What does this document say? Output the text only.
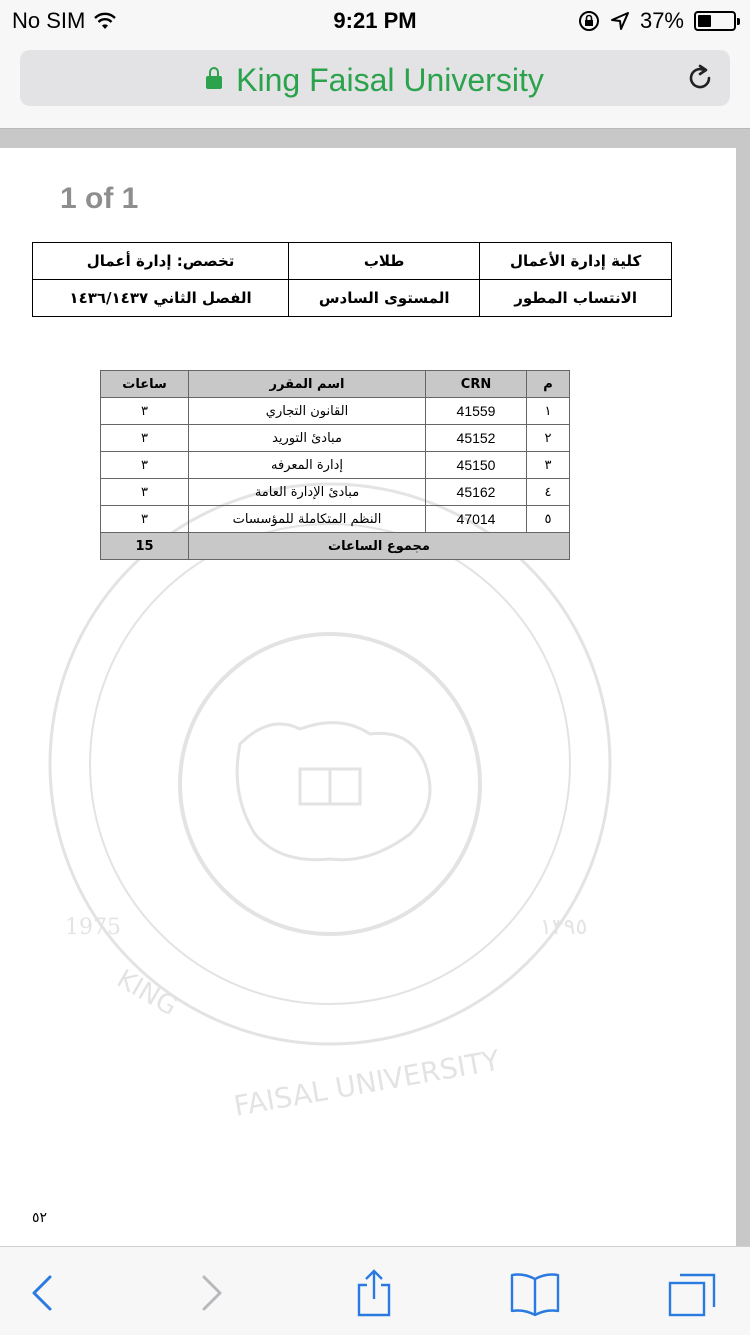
No SIM	9:21 PM	37%
King Faisal University
1 of 1
كلية إدارة الأعمال	طلاب	تخصص: إدارة أعمال
الانتساب المطور	المستوى السادس	الفصل الثاني ١٤٣٦/١٤٣٧
1975	١٣٩٥
KING
FAISAL UNIVERSITY
م	CRN	اسم المقرر	ساعات
١	41559	القانون التجاري	٣
٢	45152	مبادئ التوريد	٣
٣	45150	إدارة المعرفه	٣
٤	45162	مبادئ الإدارة العامة	٣
٥	47014	النظم المتكاملة للمؤسسات	٣
مجموع الساعات			15
٥٢
